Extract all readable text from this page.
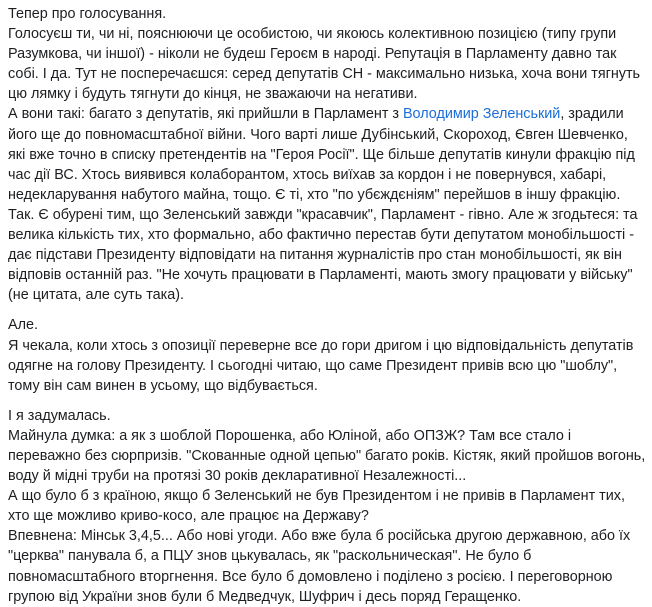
Тепер про голосування.
Голосуєш ти, чи ні, пояснюючи це особистою, чи якоюсь колективною позицією (типу групи Разумкова, чи іншої) - ніколи не будеш Героєм в народі. Репутація в Парламенту давно так собі. І да. Тут не посперечаєшся: серед депутатів СН - максимально низька, хоча вони тягнуть цю лямку і будуть тягнути до кінця, не зважаючи на негативи.
А вони такі: багато з депутатів, які прийшли в Парламент з Володимир Зеленський, зрадили його ще до повномасштабної війни. Чого варті лише Дубінський, Скороход, Євген Шевченко, які вже точно в списку претендентів на "Героя Росії". Ще більше депутатів кинули фракцію під час дії ВС. Хтось виявився колаборантом, хтось виїхав за кордон і не повернувся, хабарі, недекларування набутого майна, тощо. Є ті, хто "по убєждєніям" перейшов в іншу фракцію.
Так. Є обурені тим, що Зеленський завжди "красавчик", Парламент - гівно. Але ж згодьтеся: та велика кількість тих, хто формально, або фактично перестав бути депутатом монобільшості - дає підстави Президенту відповідати на питання журналістів про стан монобільшості, як він відповів останній раз. "Не хочуть працювати в Парламенті, мають змогу працювати у війську" (не цитата, але суть така).
Але.
Я чекала, коли хтось з опозиції переверне все до гори дригом і цю відповідальність депутатів одягне на голову Президенту. І сьогодні читаю, що саме Президент привів всю цю "шоблу", тому він сам винен в усьому, що відбувається.
І я задумалась.
Майнула думка: а як з шоблой Порошенка, або Юліной, або ОПЗЖ? Там все стало і переважно без сюрпризів. "Скованные одной цепью" багато років. Кістяк, який пройшов вогонь, воду й мідні труби на протязі 30 років декларативної Незалежності...
А що було б з країною, якщо б Зеленський не був Президентом і не привів в Парламент тих, хто ще можливо криво-косо, але працює на Державу?
Впевнена: Мінськ 3,4,5... Або нові угоди. Або вже була б російська другою державною, або їх "церква" панувала б, а ПЦУ знов цькувалась, як "раскольническая". Не було б повномасштабного вторгнення. Все було б домовлено і поділено з росією. І переговорною групою від України знов були б Медведчук, Шуфрич і десь поряд Геращенко.
